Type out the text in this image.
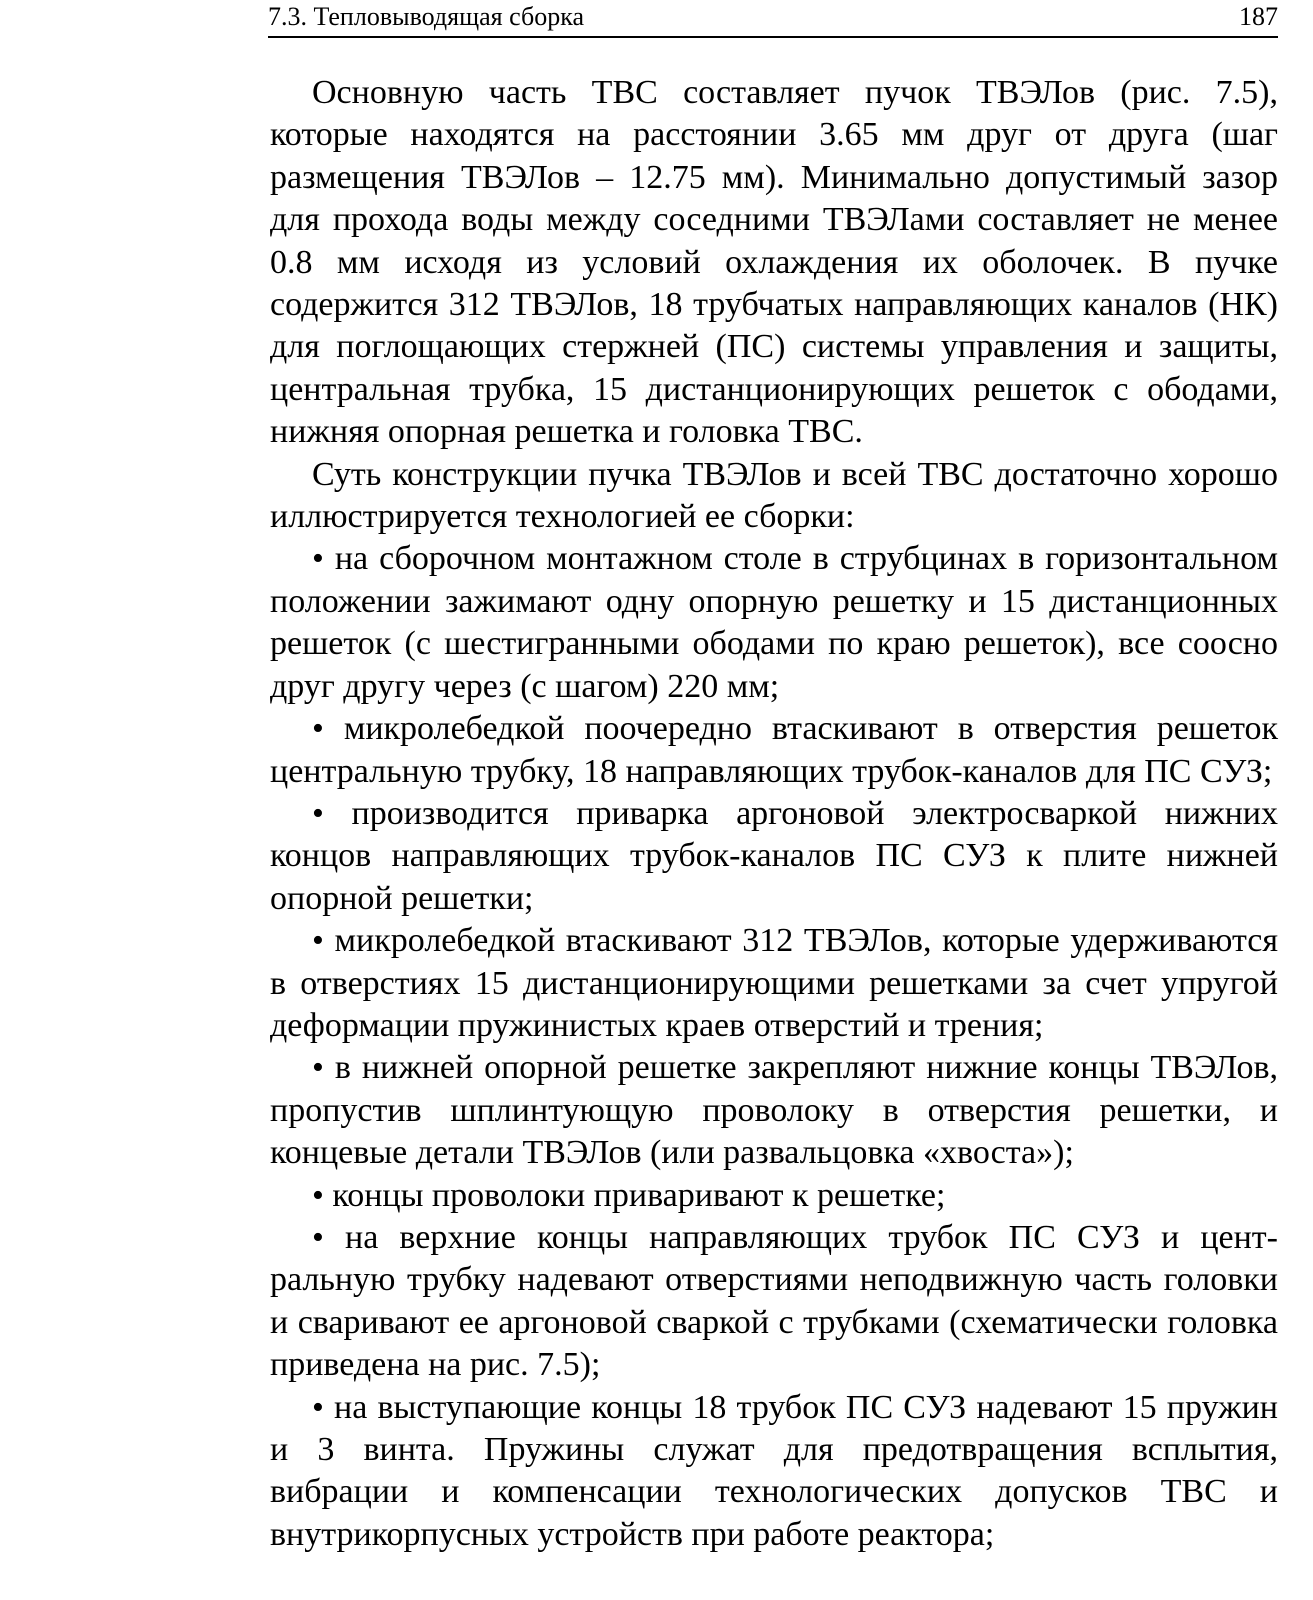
7.3. Тепловыводящая сборка	187

Основную часть ТВС составляет пучок ТВЭЛов (рис. 7.5), которые находятся на расстоянии 3.65 мм друг от друга (шаг размещения ТВЭЛов – 12.75 мм). Минимально допустимый зазор для прохода воды между соседними ТВЭЛами составляет не менее 0.8 мм исходя из условий охлаждения их оболочек. В пучке содержится 312 ТВЭЛов, 18 трубчатых направляющих каналов (НК) для поглощающих стержней (ПС) системы управления и защиты, центральная трубка, 15 дистанционирующих решеток с ободами, нижняя опорная решетка и головка ТВС.

Суть конструкции пучка ТВЭЛов и всей ТВС достаточно хорошо иллюстрируется технологией ее сборки:

• на сборочном монтажном столе в струбцинах в горизонтальном положении зажимают одну опорную решетку и 15 дистанционных решеток (с шестигранными ободами по краю решеток), все соосно друг другу через (с шагом) 220 мм;

• микролебедкой поочередно втаскивают в отверстия решеток центральную трубку, 18 направляющих трубок-каналов для ПС СУЗ;

• производится приварка аргоновой электросваркой нижних концов направляющих трубок-каналов ПС СУЗ к плите нижней опорной решетки;

• микролебедкой втаскивают 312 ТВЭЛов, которые удерживаются в отверстиях 15 дистанционирующими решетками за счет упругой деформации пружинистых краев отверстий и трения;

• в нижней опорной решетке закрепляют нижние концы ТВЭЛов, пропустив шплинтующую проволоку в отверстия решетки, и концевые детали ТВЭЛов (или развальцовка «хвоста»);

• концы проволоки приваривают к решетке;

• на верхние концы направляющих трубок ПС СУЗ и центральную трубку надевают отверстиями неподвижную часть головки и сваривают ее аргоновой сваркой с трубками (схематически головка приведена на рис. 7.5);

• на выступающие концы 18 трубок ПС СУЗ надевают 15 пружин и 3 винта. Пружины служат для предотвращения всплытия, вибрации и компенсации технологических допусков ТВС и внутрикорпусных устройств при работе реактора;
